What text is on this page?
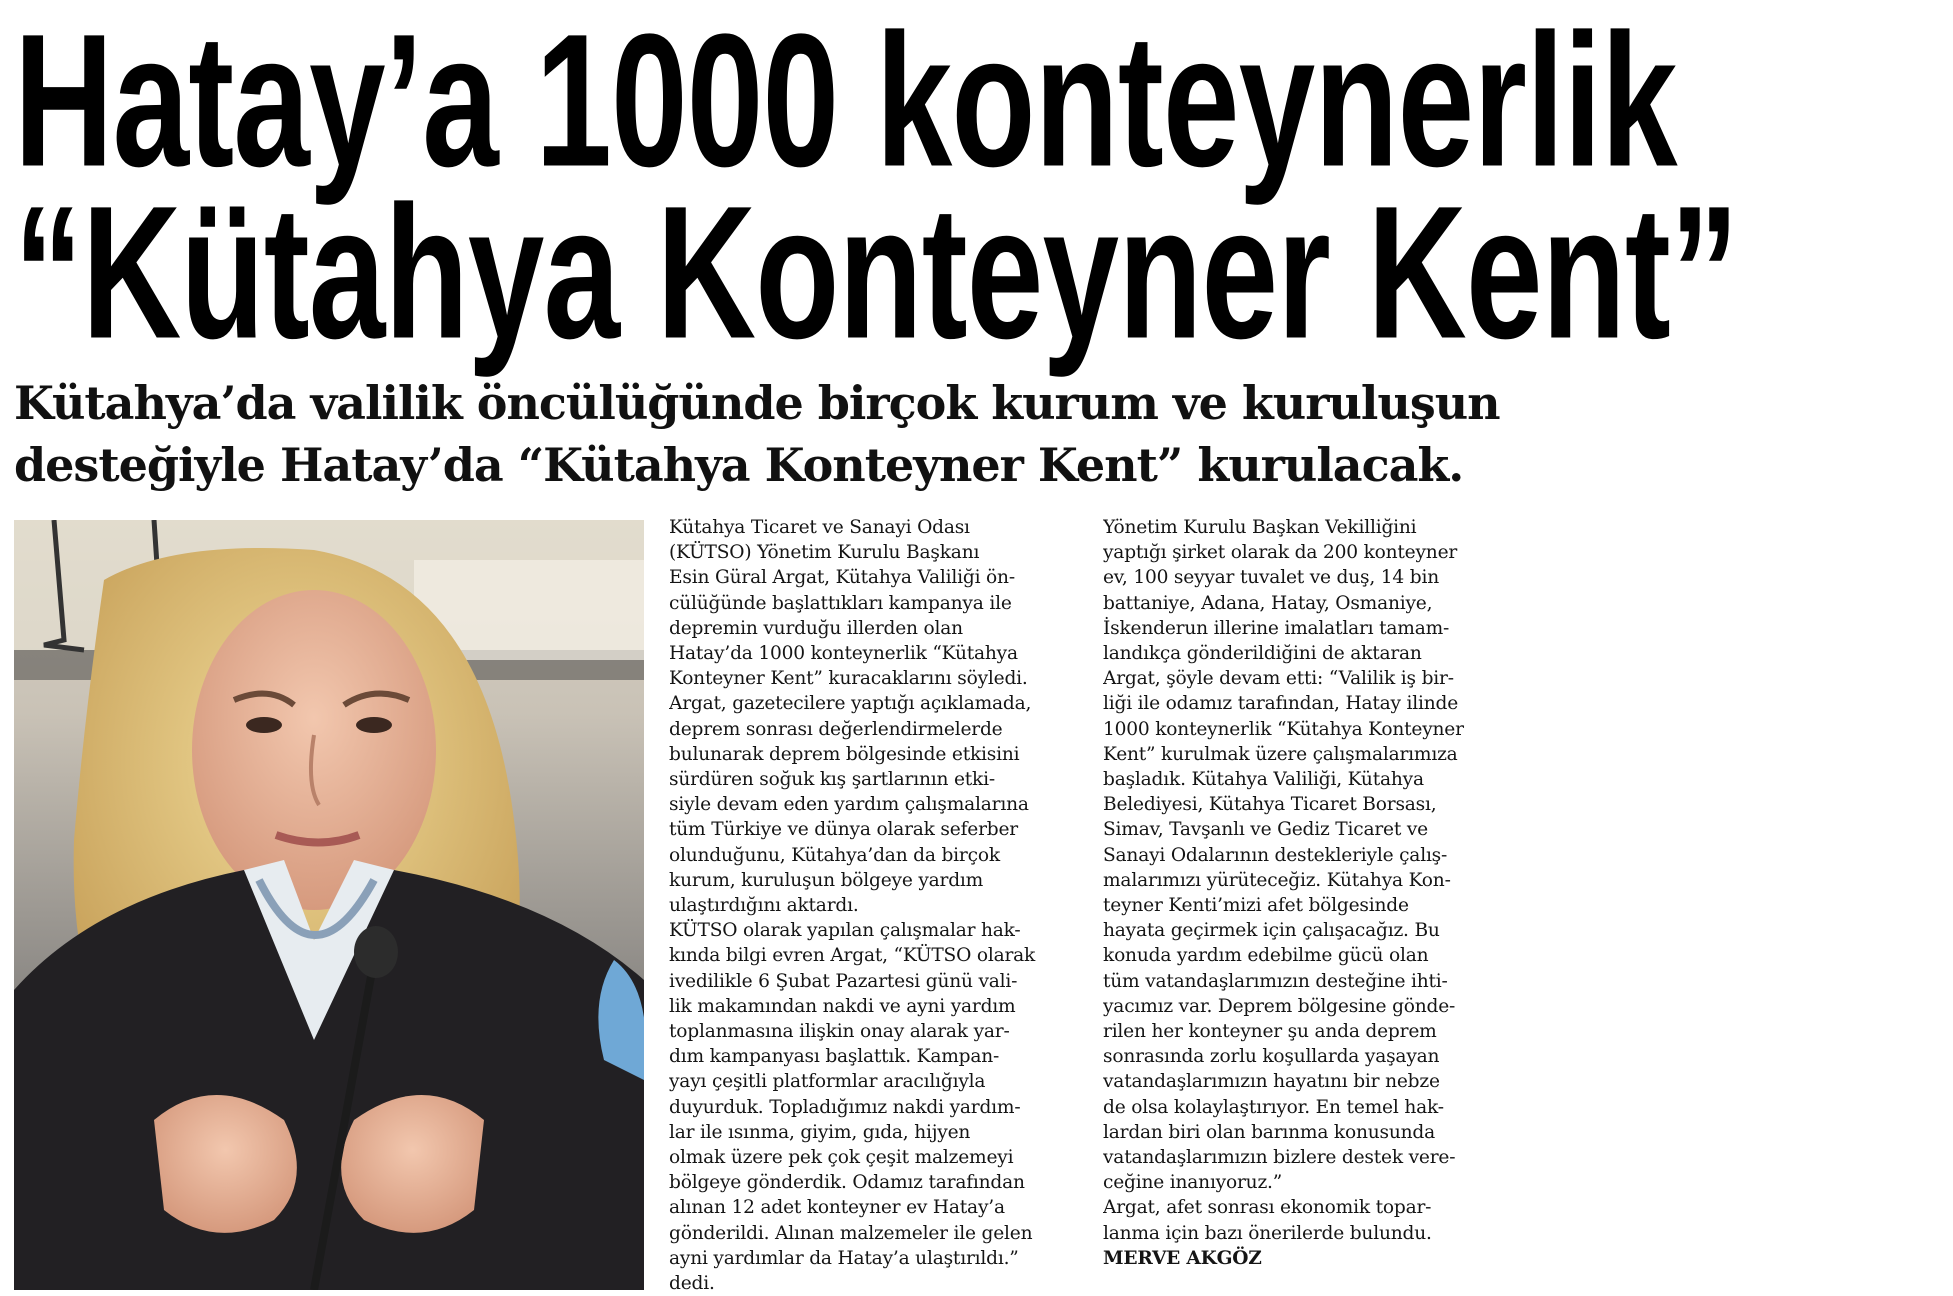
Hatay’a 1000 konteynerlik
“Kütahya Konteyner Kent”
Kütahya’da valilik öncülüğünde birçok kurum ve kuruluşun
desteğiyle Hatay’da “Kütahya Konteyner Kent” kurulacak.
Kütahya Ticaret ve Sanayi Odası
(KÜTSO) Yönetim Kurulu Başkanı
Esin Güral Argat, Kütahya Valiliği ön-
cülüğünde başlattıkları kampanya ile
depremin vurduğu illerden olan
Hatay’da 1000 konteynerlik “Kütahya
Konteyner Kent” kuracaklarını söyledi.
Argat, gazetecilere yaptığı açıklamada,
deprem sonrası değerlendirmelerde
bulunarak deprem bölgesinde etkisini
sürdüren soğuk kış şartlarının etki-
siyle devam eden yardım çalışmalarına
tüm Türkiye ve dünya olarak seferber
olunduğunu, Kütahya’dan da birçok
kurum, kuruluşun bölgeye yardım
ulaştırdığını aktardı.
KÜTSO olarak yapılan çalışmalar hak-
kında bilgi evren Argat, “KÜTSO olarak
ivedilikle 6 Şubat Pazartesi günü vali-
lik makamından nakdi ve ayni yardım
toplanmasına ilişkin onay alarak yar-
dım kampanyası başlattık. Kampan-
yayı çeşitli platformlar aracılığıyla
duyurduk. Topladığımız nakdi yardım-
lar ile ısınma, giyim, gıda, hijyen
olmak üzere pek çok çeşit malzemeyi
bölgeye gönderdik. Odamız tarafından
alınan 12 adet konteyner ev Hatay’a
gönderildi. Alınan malzemeler ile gelen
ayni yardımlar da Hatay’a ulaştırıldı.”
dedi.
Yönetim Kurulu Başkan Vekilliğini
yaptığı şirket olarak da 200 konteyner
ev, 100 seyyar tuvalet ve duş, 14 bin
battaniye, Adana, Hatay, Osmaniye,
İskenderun illerine imalatları tamam-
landıkça gönderildiğini de aktaran
Argat, şöyle devam etti: “Valilik iş bir-
liği ile odamız tarafından, Hatay ilinde
1000 konteynerlik “Kütahya Konteyner
Kent” kurulmak üzere çalışmalarımıza
başladık. Kütahya Valiliği, Kütahya
Belediyesi, Kütahya Ticaret Borsası,
Simav, Tavşanlı ve Gediz Ticaret ve
Sanayi Odalarının destekleriyle çalış-
malarımızı yürüteceğiz. Kütahya Kon-
teyner Kenti’mizi afet bölgesinde
hayata geçirmek için çalışacağız. Bu
konuda yardım edebilme gücü olan
tüm vatandaşlarımızın desteğine ihti-
yacımız var. Deprem bölgesine gönde-
rilen her konteyner şu anda deprem
sonrasında zorlu koşullarda yaşayan
vatandaşlarımızın hayatını bir nebze
de olsa kolaylaştırıyor. En temel hak-
lardan biri olan barınma konusunda
vatandaşlarımızın bizlere destek vere-
ceğine inanıyoruz.”
Argat, afet sonrası ekonomik topar-
lanma için bazı önerilerde bulundu.
MERVE AKGÖZ
